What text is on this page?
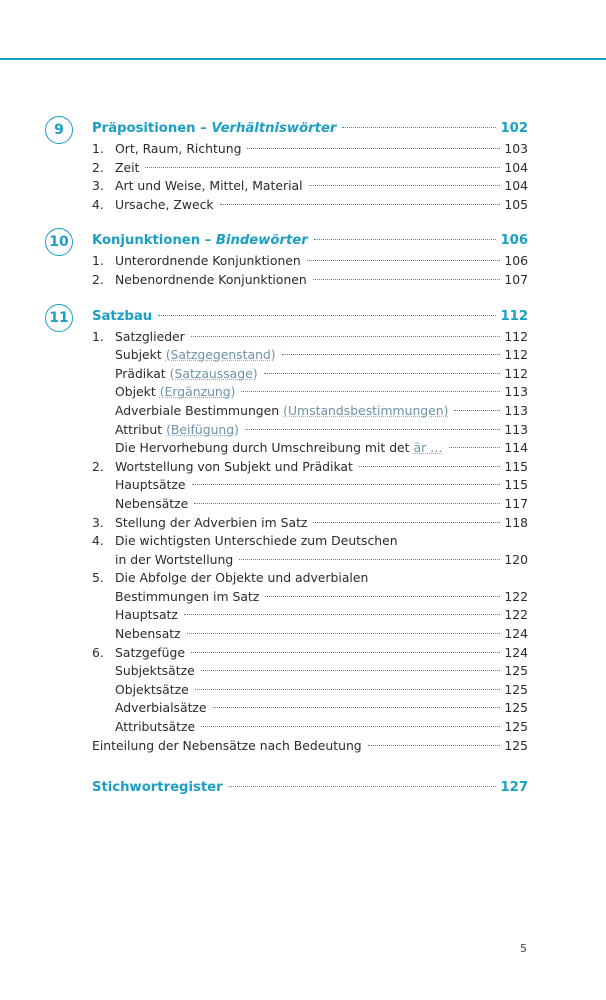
9	Präpositionen – Verhältniswörter	102
1. Ort, Raum, Richtung	103
2. Zeit	104
3. Art und Weise, Mittel, Material	104
4. Ursache, Zweck	105
10	Konjunktionen – Bindewörter	106
1. Unterordnende Konjunktionen	106
2. Nebenordnende Konjunktionen	107
11	Satzbau	112
1. Satzglieder	112
Subjekt (Satzgegenstand)	112
Prädikat (Satzaussage)	112
Objekt (Ergänzung)	113
Adverbiale Bestimmungen (Umstandsbestimmungen)	113
Attribut (Beifügung)	113
Die Hervorhebung durch Umschreibung mit det är …	114
2. Wortstellung von Subjekt und Prädikat	115
Hauptsätze	115
Nebensätze	117
3. Stellung der Adverbien im Satz	118
4. Die wichtigsten Unterschiede zum Deutschen
in der Wortstellung	120
5. Die Abfolge der Objekte und adverbialen
Bestimmungen im Satz	122
Hauptsatz	122
Nebensatz	124
6. Satzgefüge	124
Subjektsätze	125
Objektsätze	125
Adverbialsätze	125
Attributsätze	125
Einteilung der Nebensätze nach Bedeutung	125
Stichwortregister	127
5
